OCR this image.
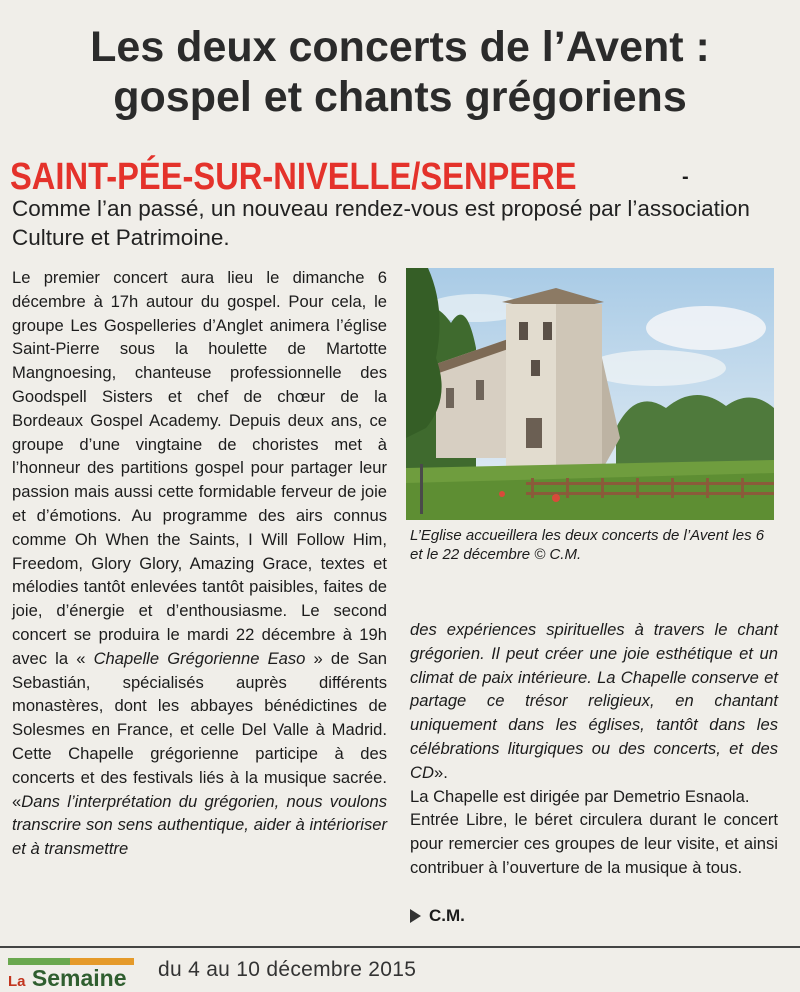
Les deux concerts de l’Avent :
gospel et chants grégoriens
SAINT-PÉE-SUR-NIVELLE/SENPERE	-

Comme l’an passé, un nouveau rendez-vous est proposé par l’association Culture et Patrimoine.

Le premier concert aura lieu le dimanche 6 décembre à 17h autour du gospel. Pour cela, le groupe Les Gospelleries d’Anglet animera l’église Saint-Pierre sous la houlette de Martotte Mangnoesing, chanteuse professionnelle des Goodspell Sisters et chef de chœur de la Bordeaux Gospel Academy. Depuis deux ans, ce groupe d’une vingtaine de choristes met à l’honneur des partitions gospel pour partager leur passion mais aussi cette formidable ferveur de joie et d’émotions. Au programme des airs connus comme Oh When the Saints, I Will Follow Him, Freedom, Glory Glory, Amazing Grace, textes et mélodies tantôt enlevées tantôt paisibles, faites de joie, d’énergie et d’enthousiasme. Le second concert se produira le mardi 22 décembre à 19h avec la « Chapelle Grégorienne Easo » de San Sebastián, spécialisés auprès différents monastères, dont les abbayes bénédictines de Solesmes en France, et celle Del Valle à Madrid. Cette Chapelle grégorienne participe à des concerts et des festivals liés à la musique sacrée. «Dans l’interprétation du grégorien, nous voulons transcrire son sens authentique, aider à intérioriser et à transmettre

L’Eglise accueillera les deux concerts de l’Avent les 6 et le 22 décembre © C.M.

des expériences spirituelles à travers le chant grégorien. Il peut créer une joie esthétique et un climat de paix intérieure. La Chapelle conserve et partage ce trésor religieux, en chantant uniquement dans les églises, tantôt dans les célébrations liturgiques ou des concerts, et des CD».

La Chapelle est dirigée par Demetrio Esnaola.

Entrée Libre, le béret circulera durant le concert pour remercier ces groupes de leur visite, et ainsi contribuer à l’ouverture de la musique à tous.

C.M.
La Semaine du 4 au 10 décembre 2015
